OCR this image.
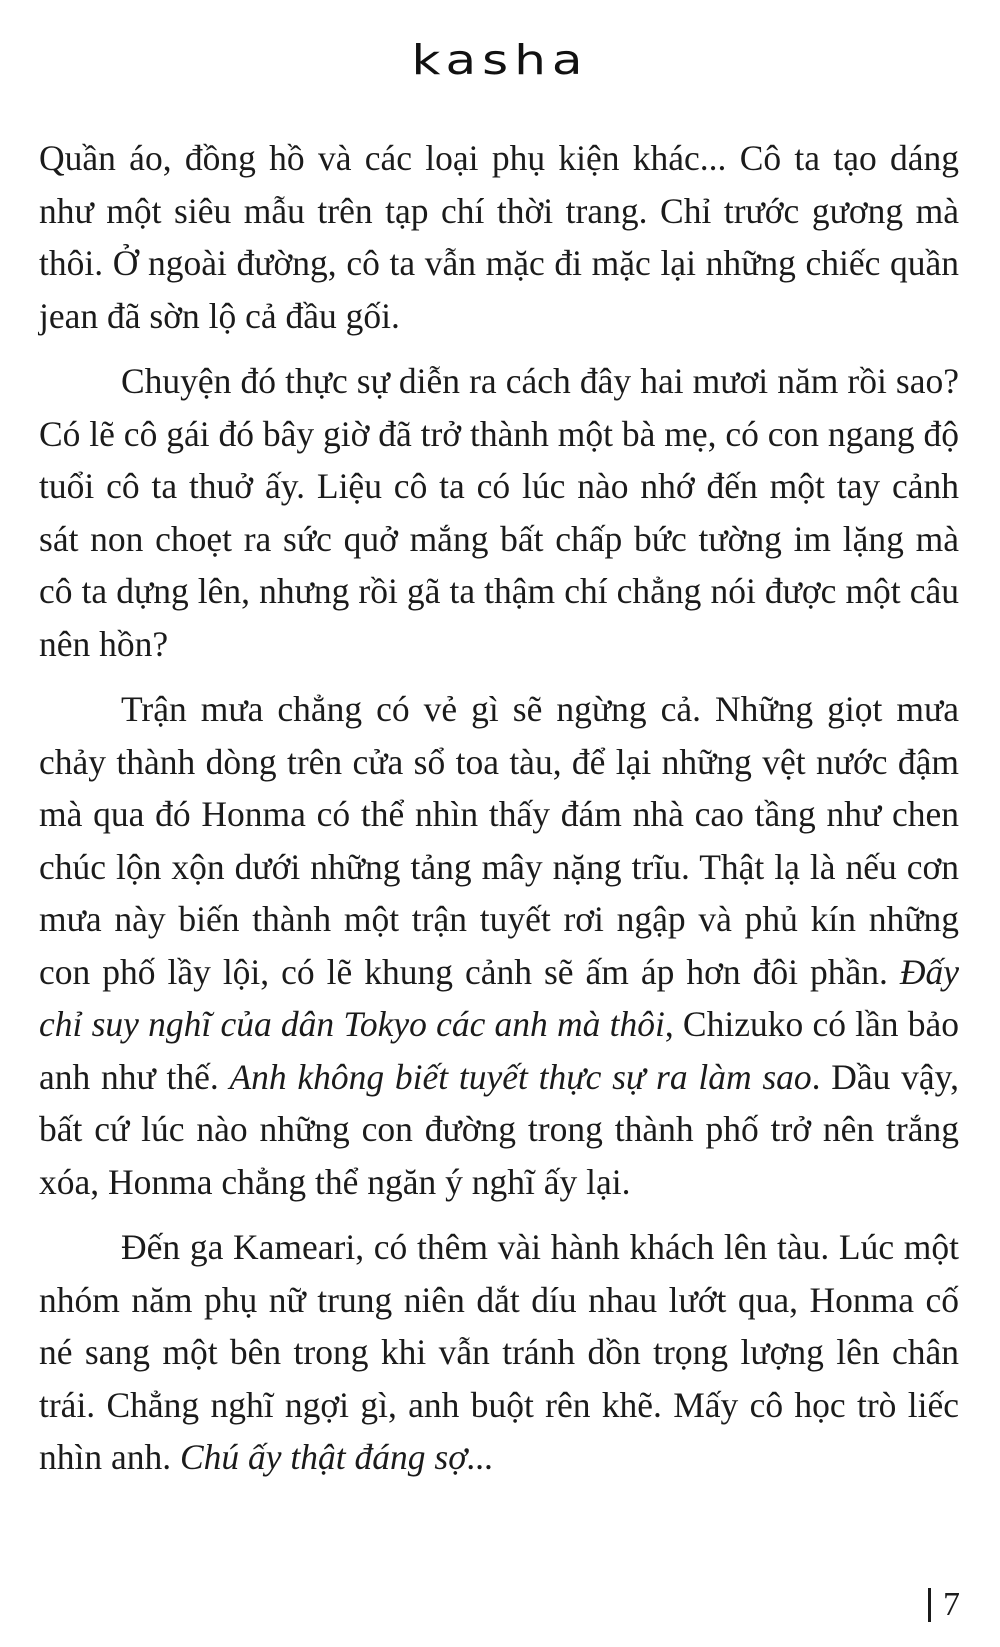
kasha

Quần áo, đồng hồ và các loại phụ kiện khác... Cô ta tạo dáng như một siêu mẫu trên tạp chí thời trang. Chỉ trước gương mà thôi. Ở ngoài đường, cô ta vẫn mặc đi mặc lại những chiếc quần jean đã sờn lộ cả đầu gối.

Chuyện đó thực sự diễn ra cách đây hai mươi năm rồi sao? Có lẽ cô gái đó bây giờ đã trở thành một bà mẹ, có con ngang độ tuổi cô ta thuở ấy. Liệu cô ta có lúc nào nhớ đến một tay cảnh sát non choẹt ra sức quở mắng bất chấp bức tường im lặng mà cô ta dựng lên, nhưng rồi gã ta thậm chí chẳng nói được một câu nên hồn?

Trận mưa chẳng có vẻ gì sẽ ngừng cả. Những giọt mưa chảy thành dòng trên cửa sổ toa tàu, để lại những vệt nước đậm mà qua đó Honma có thể nhìn thấy đám nhà cao tầng như chen chúc lộn xộn dưới những tảng mây nặng trĩu. Thật lạ là nếu cơn mưa này biến thành một trận tuyết rơi ngập và phủ kín những con phố lầy lội, có lẽ khung cảnh sẽ ấm áp hơn đôi phần. Đấy chỉ suy nghĩ của dân Tokyo các anh mà thôi, Chizuko có lần bảo anh như thế. Anh không biết tuyết thực sự ra làm sao. Dầu vậy, bất cứ lúc nào những con đường trong thành phố trở nên trắng xóa, Honma chẳng thể ngăn ý nghĩ ấy lại.

Đến ga Kameari, có thêm vài hành khách lên tàu. Lúc một nhóm năm phụ nữ trung niên dắt díu nhau lướt qua, Honma cố né sang một bên trong khi vẫn tránh dồn trọng lượng lên chân trái. Chẳng nghĩ ngợi gì, anh buột rên khẽ. Mấy cô học trò liếc nhìn anh. Chú ấy thật đáng sợ...

7
